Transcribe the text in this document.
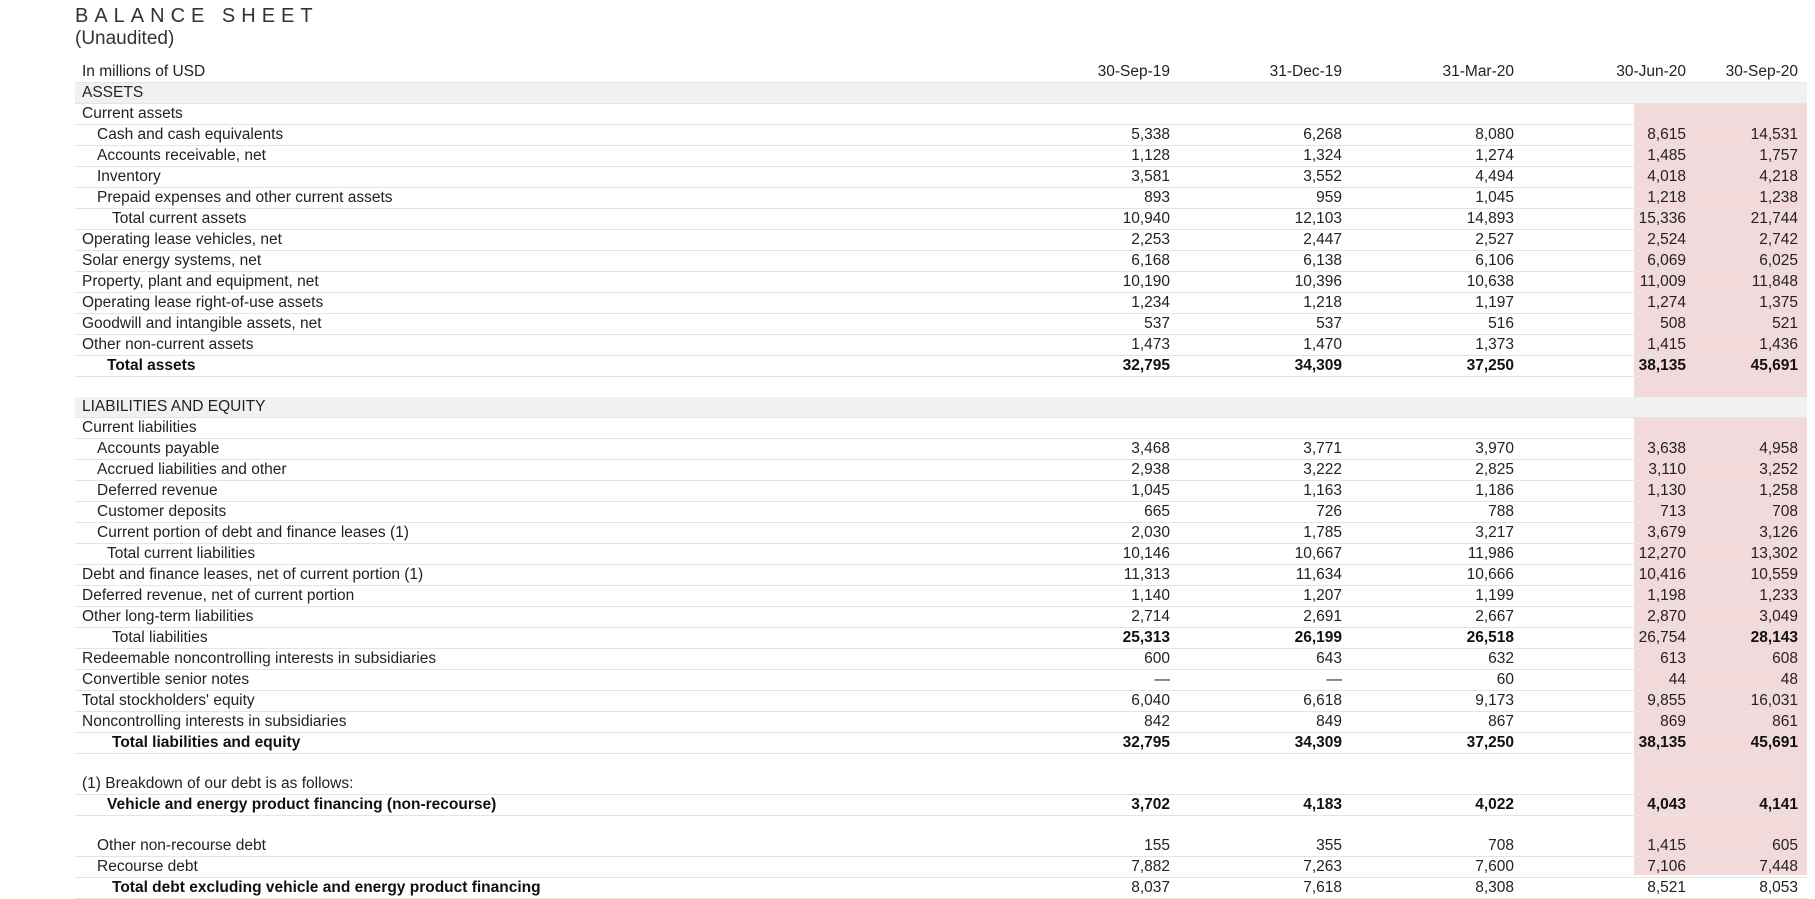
BALANCE SHEET
(Unaudited)
In millions of USD	30-Sep-19	31-Dec-19	31-Mar-20	30-Jun-20	30-Sep-20
ASSETS					
Current assets					
Cash and cash equivalents	5,338	6,268	8,080	8,615	14,531
Accounts receivable, net	1,128	1,324	1,274	1,485	1,757
Inventory	3,581	3,552	4,494	4,018	4,218
Prepaid expenses and other current assets	893	959	1,045	1,218	1,238
Total current assets	10,940	12,103	14,893	15,336	21,744
Operating lease vehicles, net	2,253	2,447	2,527	2,524	2,742
Solar energy systems, net	6,168	6,138	6,106	6,069	6,025
Property, plant and equipment, net	10,190	10,396	10,638	11,009	11,848
Operating lease right-of-use assets	1,234	1,218	1,197	1,274	1,375
Goodwill and intangible assets, net	537	537	516	508	521
Other non-current assets	1,473	1,470	1,373	1,415	1,436
Total assets	32,795	34,309	37,250	38,135	45,691

LIABILITIES AND EQUITY					
Current liabilities					
Accounts payable	3,468	3,771	3,970	3,638	4,958
Accrued liabilities and other	2,938	3,222	2,825	3,110	3,252
Deferred revenue	1,045	1,163	1,186	1,130	1,258
Customer deposits	665	726	788	713	708
Current portion of debt and finance leases (1)	2,030	1,785	3,217	3,679	3,126
Total current liabilities	10,146	10,667	11,986	12,270	13,302
Debt and finance leases, net of current portion (1)	11,313	11,634	10,666	10,416	10,559
Deferred revenue, net of current portion	1,140	1,207	1,199	1,198	1,233
Other long-term liabilities	2,714	2,691	2,667	2,870	3,049
Total liabilities	25,313	26,199	26,518	26,754	28,143
Redeemable noncontrolling interests in subsidiaries	600	643	632	613	608
Convertible senior notes	—	—	60	44	48
Total stockholders' equity	6,040	6,618	9,173	9,855	16,031
Noncontrolling interests in subsidiaries	842	849	867	869	861
Total liabilities and equity	32,795	34,309	37,250	38,135	45,691

(1) Breakdown of our debt is as follows:					
Vehicle and energy product financing (non-recourse)	3,702	4,183	4,022	4,043	4,141

Other non-recourse debt	155	355	708	1,415	605
Recourse debt	7,882	7,263	7,600	7,106	7,448
Total debt excluding vehicle and energy product financing	8,037	7,618	8,308	8,521	8,053
